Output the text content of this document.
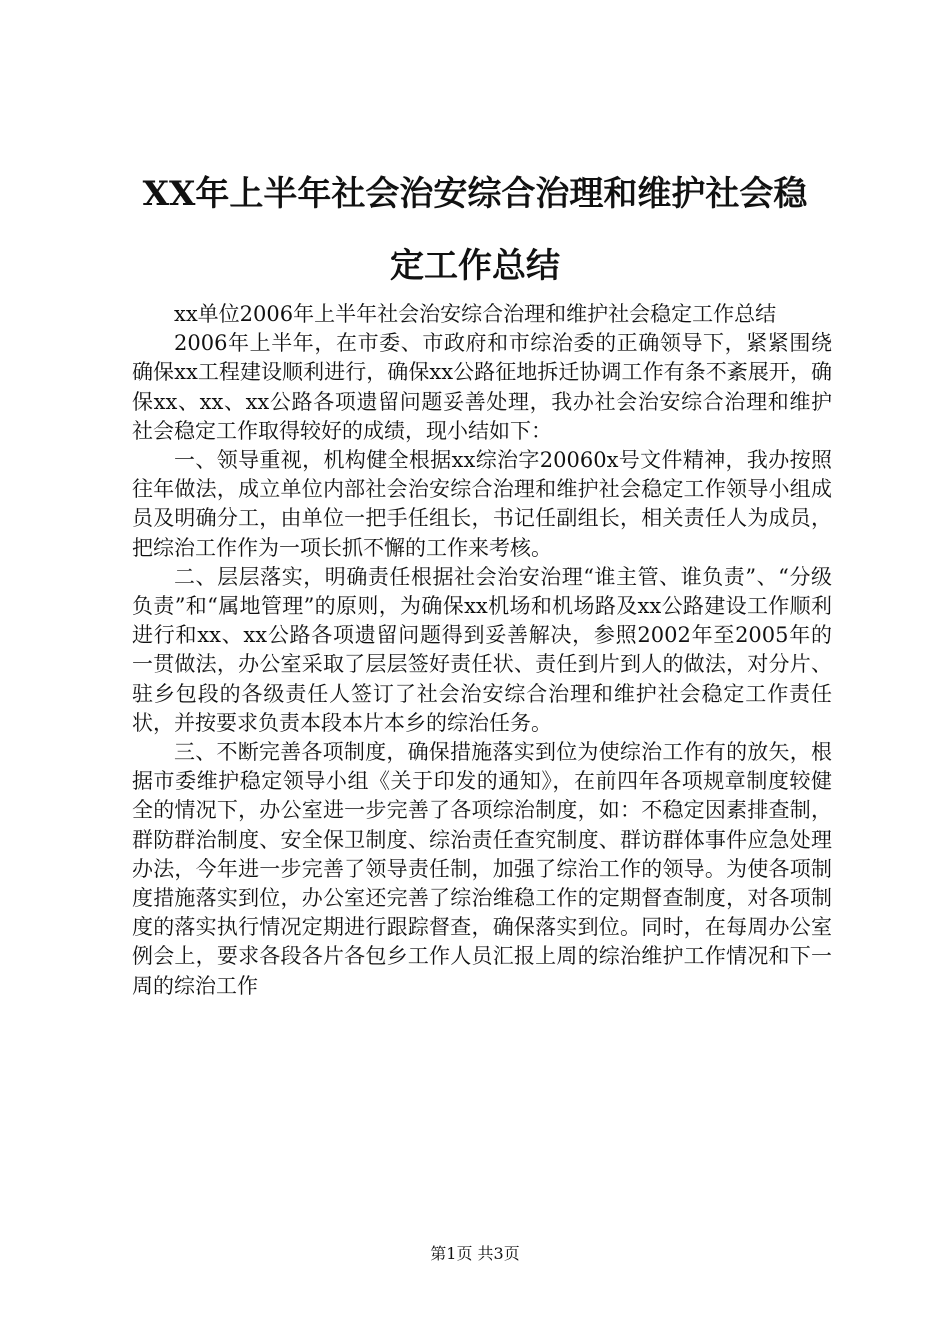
XX年上半年社会治安综合治理和维护社会稳
定工作总结

xx单位2006年上半年社会治安综合治理和维护社会稳定工作总结

2006年上半年，在市委、市政府和市综治委的正确领导下，紧紧围绕确保xx工程建设顺利进行，确保xx公路征地拆迁协调工作有条不紊展开，确保xx、xx、xx公路各项遗留问题妥善处理，我办社会治安综合治理和维护社会稳定工作取得较好的成绩，现小结如下：

一、领导重视，机构健全根据xx综治字20060x号文件精神，我办按照往年做法，成立单位内部社会治安综合治理和维护社会稳定工作领导小组成员及明确分工，由单位一把手任组长，书记任副组长，相关责任人为成员，把综治工作作为一项长抓不懈的工作来考核。

二、层层落实，明确责任根据社会治安治理“谁主管、谁负责”、“分级负责”和“属地管理”的原则，为确保xx机场和机场路及xx公路建设工作顺利进行和xx、xx公路各项遗留问题得到妥善解决，参照2002年至2005年的一贯做法，办公室采取了层层签好责任状、责任到片到人的做法，对分片、驻乡包段的各级责任人签订了社会治安综合治理和维护社会稳定工作责任状，并按要求负责本段本片本乡的综治任务。

三、不断完善各项制度，确保措施落实到位为使综治工作有的放矢，根据市委维护稳定领导小组《关于印发的通知》，在前四年各项规章制度较健全的情况下，办公室进一步完善了各项综治制度，如：不稳定因素排查制，群防群治制度、安全保卫制度、综治责任查究制度、群访群体事件应急处理办法，今年进一步完善了领导责任制，加强了综治工作的领导。为使各项制度措施落实到位，办公室还完善了综治维稳工作的定期督查制度，对各项制度的落实执行情况定期进行跟踪督查，确保落实到位。同时，在每周办公室例会上，要求各段各片各包乡工作人员汇报上周的综治维护工作情况和下一周的综治工作

第1页 共3页
